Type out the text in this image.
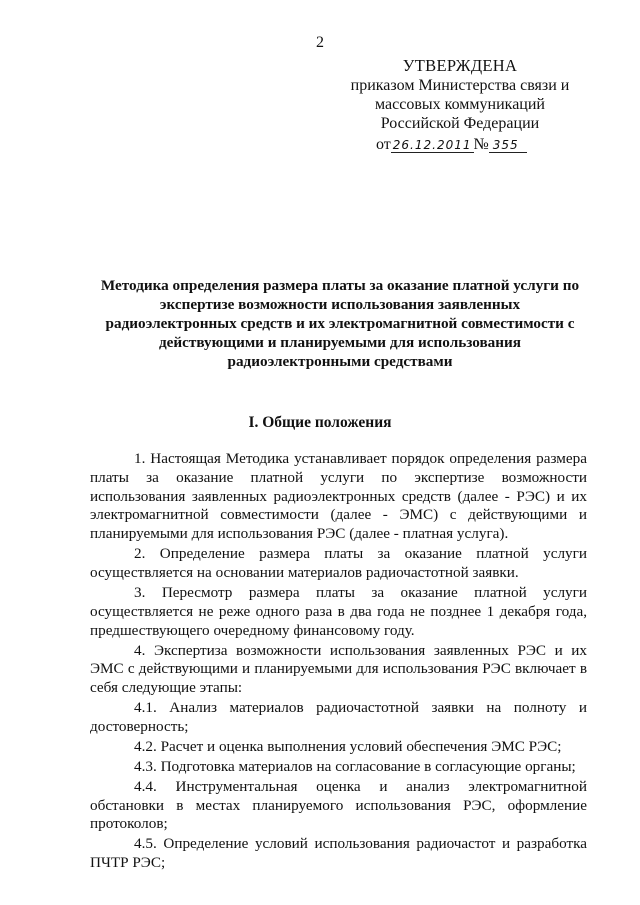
2
УТВЕРЖДЕНА
приказом Министерства связи и
массовых коммуникаций
Российской Федерации
от 26.12.2011 № 355
Методика определения размера платы за оказание платной услуги по
экспертизе возможности использования заявленных
радиоэлектронных средств и их электромагнитной совместимости с
действующими и планируемыми для использования
радиоэлектронными средствами
I. Общие положения

1. Настоящая Методика устанавливает порядок определения размера платы за оказание платной услуги по экспертизе возможности использования заявленных радиоэлектронных средств (далее - РЭС) и их электромагнитной совместимости (далее - ЭМС) с действующими и планируемыми для использования РЭС (далее - платная услуга).

2. Определение размера платы за оказание платной услуги осуществляется на основании материалов радиочастотной заявки.

3. Пересмотр размера платы за оказание платной услуги осуществляется не реже одного раза в два года не позднее 1 декабря года, предшествующего очередному финансовому году.

4. Экспертиза возможности использования заявленных РЭС и их ЭМС с действующими и планируемыми для использования РЭС включает в себя следующие этапы:

4.1. Анализ материалов радиочастотной заявки на полноту и достоверность;

4.2. Расчет и оценка выполнения условий обеспечения ЭМС РЭС;

4.3. Подготовка материалов на согласование в согласующие органы;

4.4. Инструментальная оценка и анализ электромагнитной обстановки в местах планируемого использования РЭС, оформление протоколов;

4.5. Определение условий использования радиочастот и разработка ПЧТР РЭС;
